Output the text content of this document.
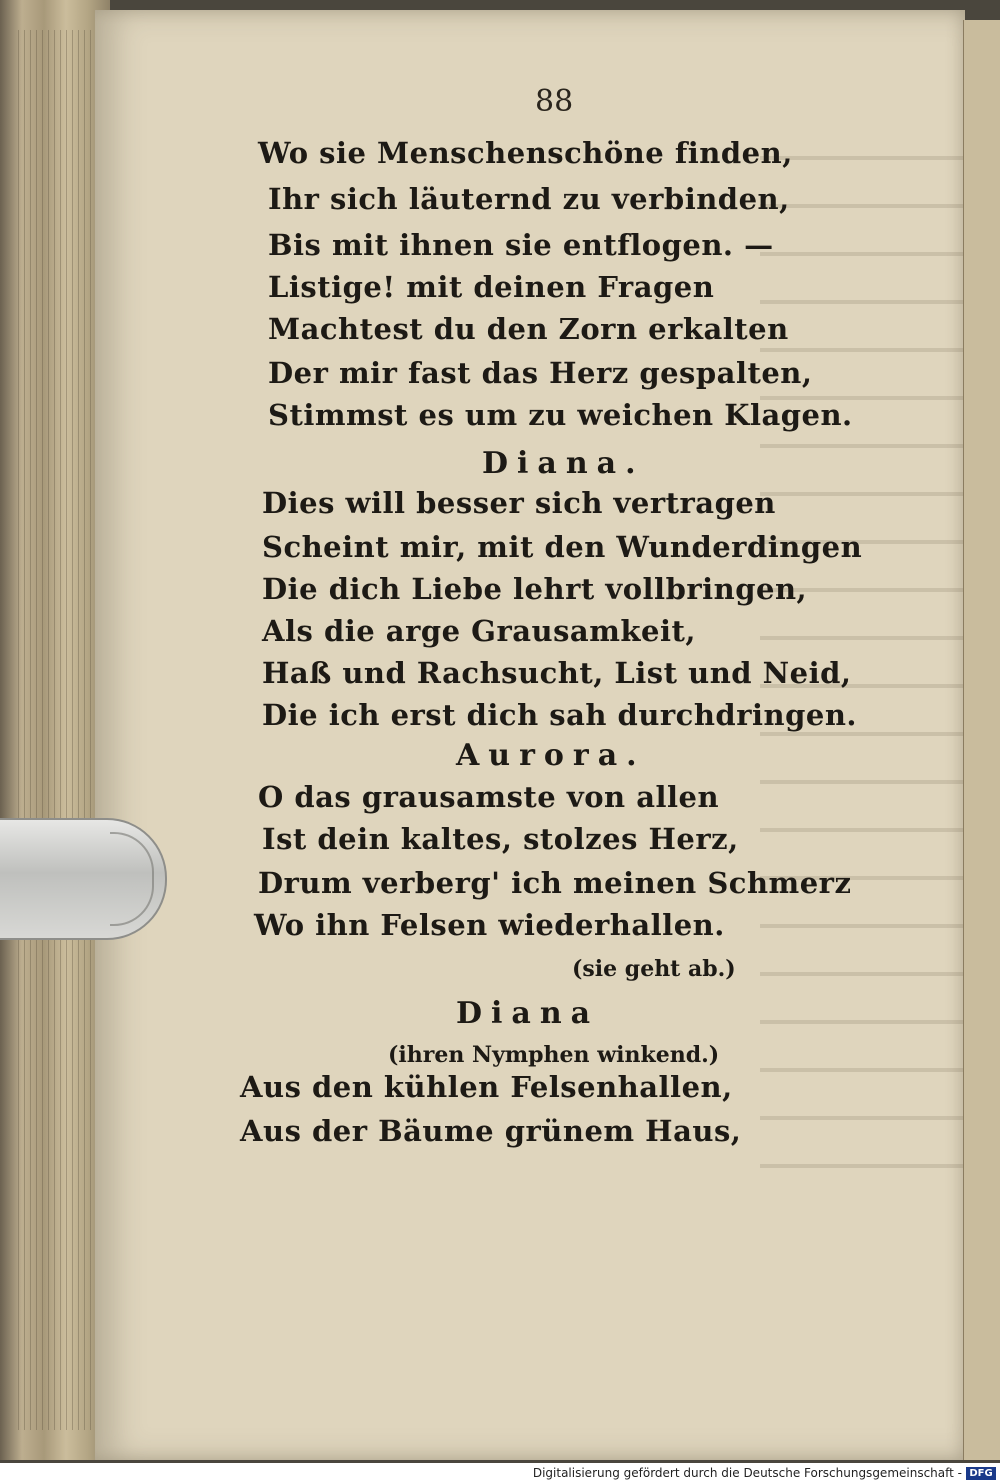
88
Wo sie Menschenschöne finden,
Ihr sich läuternd zu verbinden,
Bis mit ihnen sie entflogen. —
Listige! mit deinen Fragen
Machtest du den Zorn erkalten
Der mir fast das Herz gespalten,
Stimmst es um zu weichen Klagen.
Diana.
Dies will besser sich vertragen
Scheint mir, mit den Wunderdingen
Die dich Liebe lehrt vollbringen,
Als die arge Grausamkeit,
Haß und Rachsucht, List und Neid,
Die ich erst dich sah durchdringen.
Aurora.
O das grausamste von allen
Ist dein kaltes, stolzes Herz,
Drum verberg' ich meinen Schmerz
Wo ihn Felsen wiederhallen.
(sie geht ab.)
Diana
(ihren Nymphen winkend.)
Aus den kühlen Felsenhallen,
Aus der Bäume grünem Haus,
Digitalisierung gefördert durch die Deutsche Forschungsgemeinschaft - DFG
